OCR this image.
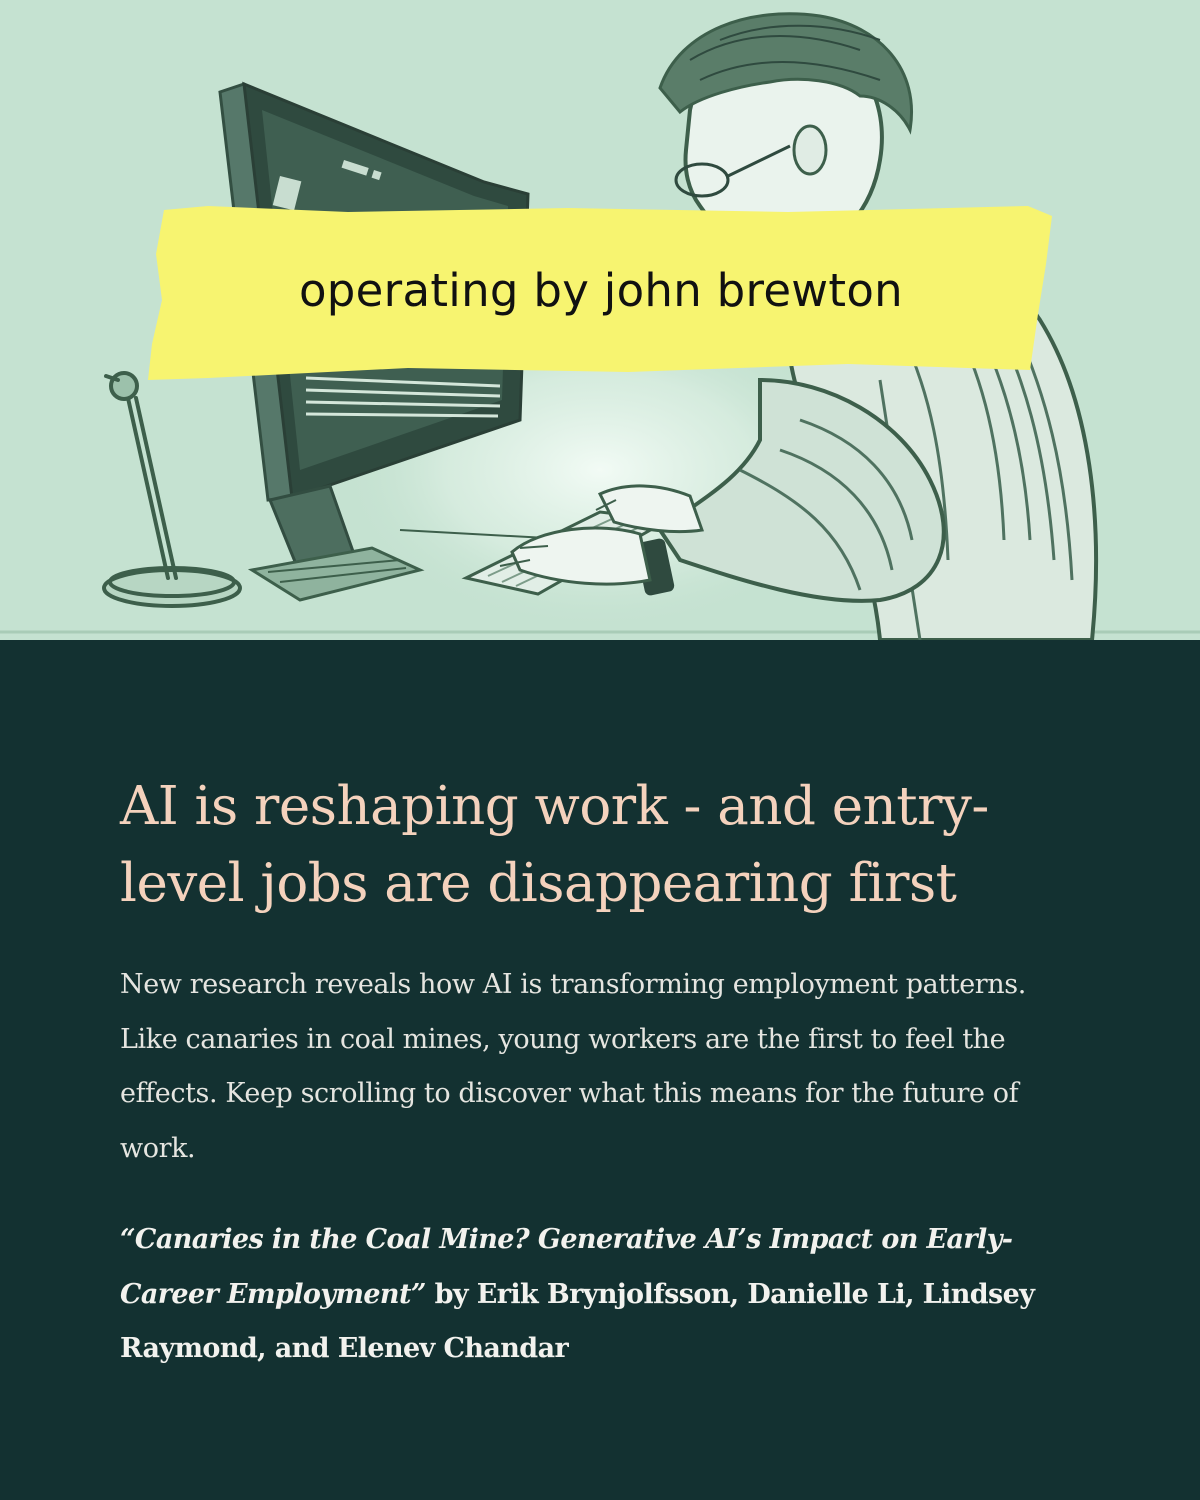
operating by john brewton
AI is reshaping work - and entry-level jobs are disappearing first

New research reveals how AI is transforming employment patterns. Like canaries in coal mines, young workers are the first to feel the effects. Keep scrolling to discover what this means for the future of work.

“Canaries in the Coal Mine? Generative AI’s Impact on Early-Career Employment” by Erik Brynjolfsson, Danielle Li, Lindsey Raymond, and Elenev Chandar
